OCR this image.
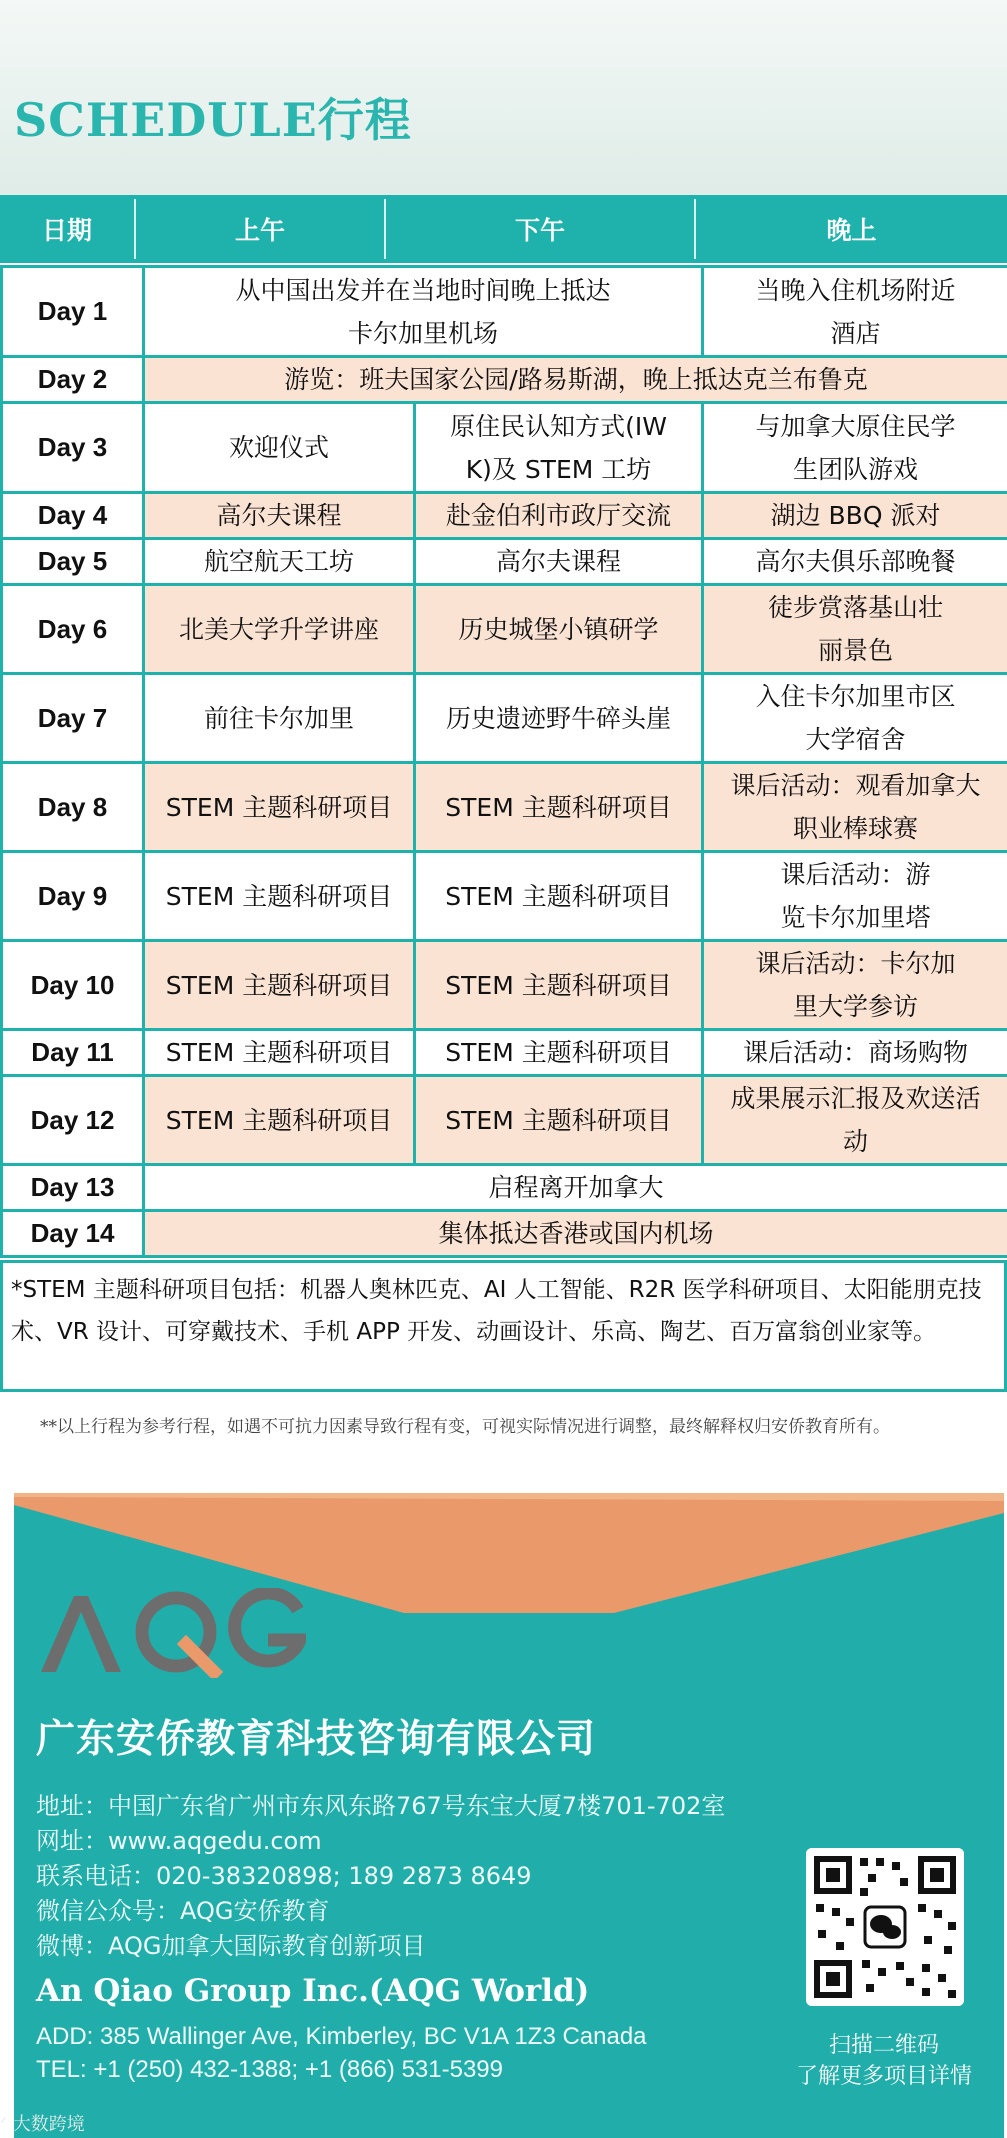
SCHEDULE行程
日期	上午	下午	晚上
Day 1	从中国出发并在当地时间晚上抵达卡尔加里机场		当晚入住机场附近酒店
Day 2	游览：班夫国家公园/路易斯湖，晚上抵达克兰布鲁克		
Day 3	欢迎仪式	原住民认知方式(IWK)及 STEM 工坊	与加拿大原住民学生团队游戏
Day 4	高尔夫课程	赴金伯利市政厅交流	湖边 BBQ 派对
Day 5	航空航天工坊	高尔夫课程	高尔夫俱乐部晚餐
Day 6	北美大学升学讲座	历史城堡小镇研学	徒步赏落基山壮丽景色
Day 7	前往卡尔加里	历史遗迹野牛碎头崖	入住卡尔加里市区大学宿舍
Day 8	STEM 主题科研项目	STEM 主题科研项目	课后活动：观看加拿大职业棒球赛
Day 9	STEM 主题科研项目	STEM 主题科研项目	课后活动：游览卡尔加里塔
Day 10	STEM 主题科研项目	STEM 主题科研项目	课后活动：卡尔加里大学参访
Day 11	STEM 主题科研项目	STEM 主题科研项目	课后活动：商场购物
Day 12	STEM 主题科研项目	STEM 主题科研项目	成果展示汇报及欢送活动
Day 13	启程离开加拿大		
Day 14	集体抵达香港或国内机场		
*STEM 主题科研项目包括：机器人奥林匹克、AI 人工智能、R2R 医学科研项目、太阳能朋克技术、VR 设计、可穿戴技术、手机 APP 开发、动画设计、乐高、陶艺、百万富翁创业家等。
**以上行程为参考行程，如遇不可抗力因素导致行程有变，可视实际情况进行调整，最终解释权归安侨教育所有。
广东安侨教育科技咨询有限公司
地址：中国广东省广州市东风东路767号东宝大厦7楼701-702室
网址：www.aqgedu.com
联系电话：020-38320898; 189 2873 8649
微信公众号：AQG安侨教育
微博：AQG加拿大国际教育创新项目
An Qiao Group Inc.(AQG World)
ADD: 385 Wallinger Ave, Kimberley, BC V1A 1Z3 Canada
TEL: +1 (250) 432-1388; +1 (866) 531-5399
扫描二维码
了解更多项目详情
ᐟ 大数跨境
